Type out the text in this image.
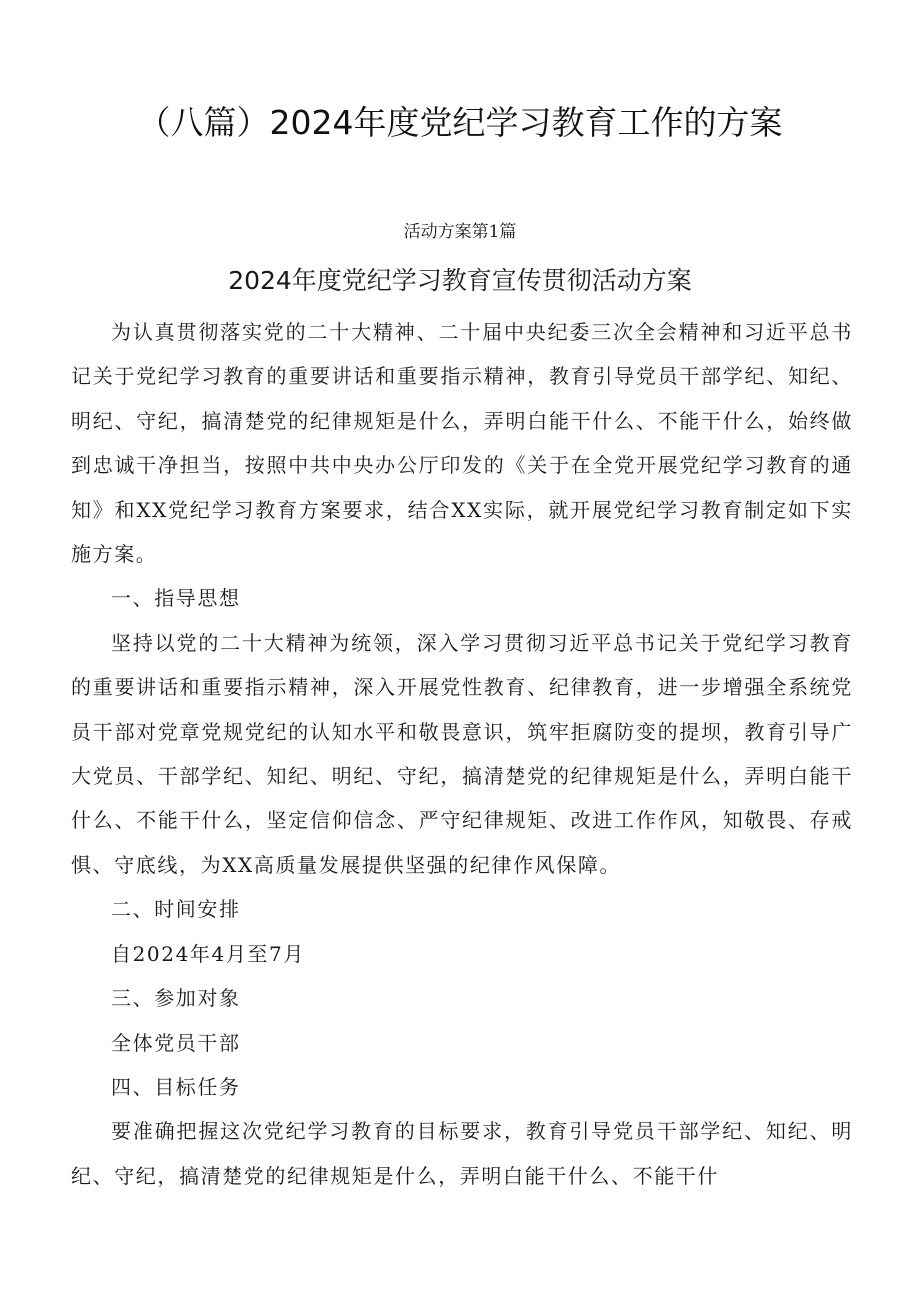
（八篇）2024年度党纪学习教育工作的方案
活动方案第1篇
2024年度党纪学习教育宣传贯彻活动方案

为认真贯彻落实党的二十大精神、二十届中央纪委三次全会精神和习近平总书记关于党纪学习教育的重要讲话和重要指示精神，教育引导党员干部学纪、知纪、明纪、守纪，搞清楚党的纪律规矩是什么，弄明白能干什么、不能干什么，始终做到忠诚干净担当，按照中共中央办公厅印发的《关于在全党开展党纪学习教育的通知》和XX党纪学习教育方案要求，结合XX实际，就开展党纪学习教育制定如下实施方案。

一、指导思想

坚持以党的二十大精神为统领，深入学习贯彻习近平总书记关于党纪学习教育的重要讲话和重要指示精神，深入开展党性教育、纪律教育，进一步增强全系统党员干部对党章党规党纪的认知水平和敬畏意识，筑牢拒腐防变的提坝，教育引导广大党员、干部学纪、知纪、明纪、守纪，搞清楚党的纪律规矩是什么，弄明白能干什么、不能干什么，坚定信仰信念、严守纪律规矩、改进工作作风，知敬畏、存戒惧、守底线，为XX高质量发展提供坚强的纪律作风保障。

二、时间安排

自2024年4月至7月

三、参加对象

全体党员干部

四、目标任务

要准确把握这次党纪学习教育的目标要求，教育引导党员干部学纪、知纪、明纪、守纪，搞清楚党的纪律规矩是什么，弄明白能干什么、不能干什
